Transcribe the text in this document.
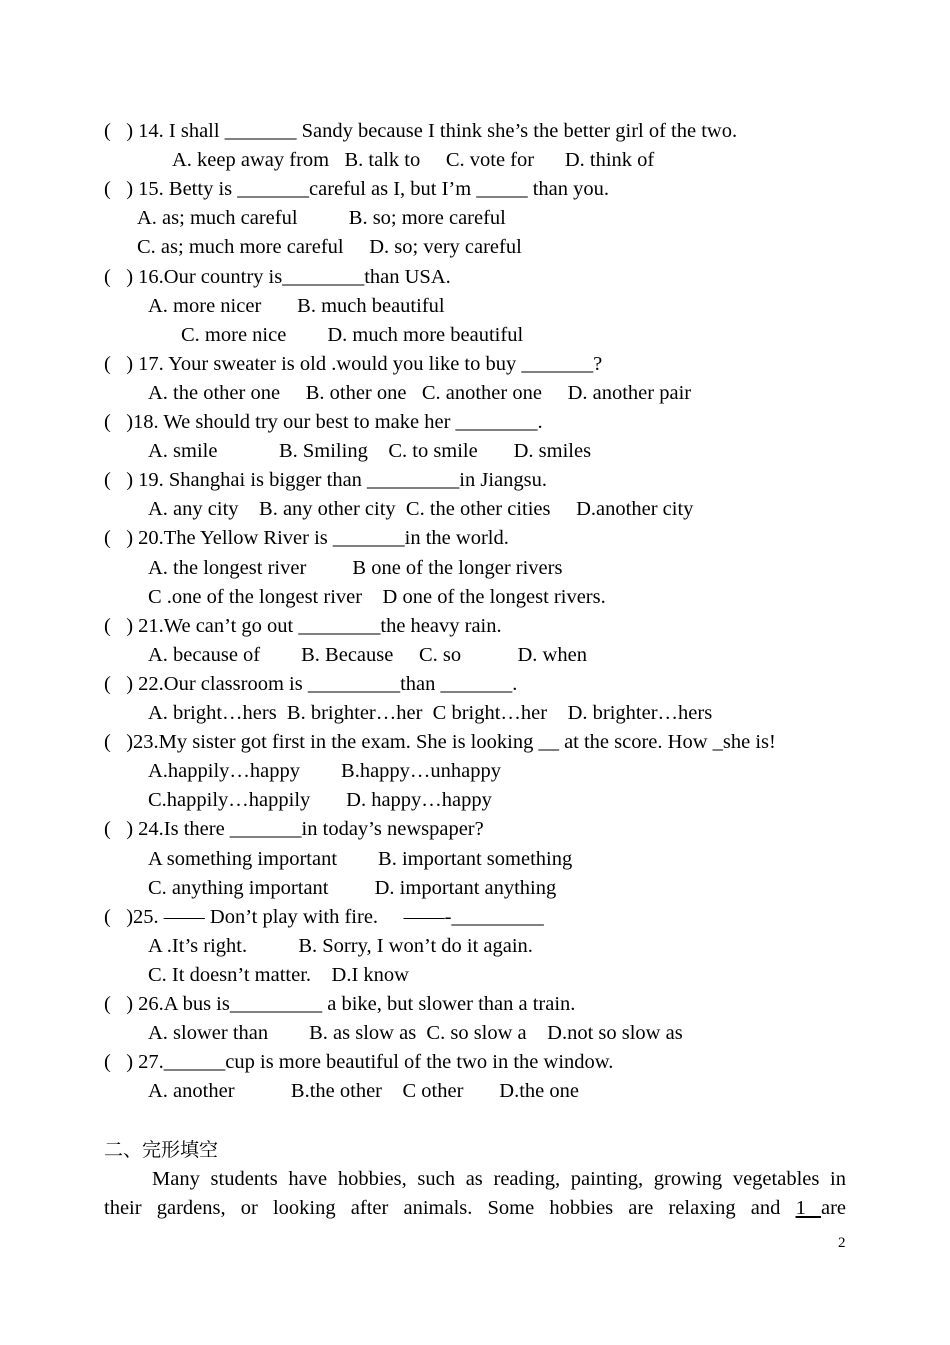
(   ) 14. I shall _______ Sandy because I think she’s the better girl of the two.
A. keep away from   B. talk to     C. vote for      D. think of
(   ) 15. Betty is _______careful as I, but I’m _____ than you.
A. as; much careful          B. so; more careful
C. as; much more careful     D. so; very careful
(   ) 16.Our country is________than USA.
A. more nicer       B. much beautiful
C. more nice        D. much more beautiful
(   ) 17. Your sweater is old .would you like to buy _______?
A. the other one     B. other one   C. another one     D. another pair
(   )18. We should try our best to make her ________.
A. smile            B. Smiling    C. to smile       D. smiles
(   ) 19. Shanghai is bigger than _________in Jiangsu.
A. any city    B. any other city  C. the other cities     D.another city
(   ) 20.The Yellow River is _______in the world.
A. the longest river         B one of the longer rivers
C .one of the longest river    D one of the longest rivers.
(   ) 21.We can’t go out ________the heavy rain.
A. because of        B. Because     C. so           D. when
(   ) 22.Our classroom is _________than _______.
A. bright…hers  B. brighter…her  C bright…her    D. brighter…hers
(   )23.My sister got first in the exam. She is looking __ at the score. How _she is!
A.happily…happy        B.happy…unhappy
C.happily…happily       D. happy…happy
(   ) 24.Is there _______in today’s newspaper?
A something important        B. important something
C. anything important         D. important anything
(   )25. —— Don’t play with fire.     ——-_________
A .It’s right.          B. Sorry, I won’t do it again.
C. It doesn’t matter.    D.I know
(   ) 26.A bus is_________ a bike, but slower than a train.
A. slower than        B. as slow as  C. so slow a    D.not so slow as
(   ) 27.______cup is more beautiful of the two in the window.
A. another           B.the other    C other       D.the one
二、完形填空
Many students have hobbies, such as reading, painting, growing vegetables in
their gardens, or looking after animals. Some hobbies are relaxing and 1 are
2
